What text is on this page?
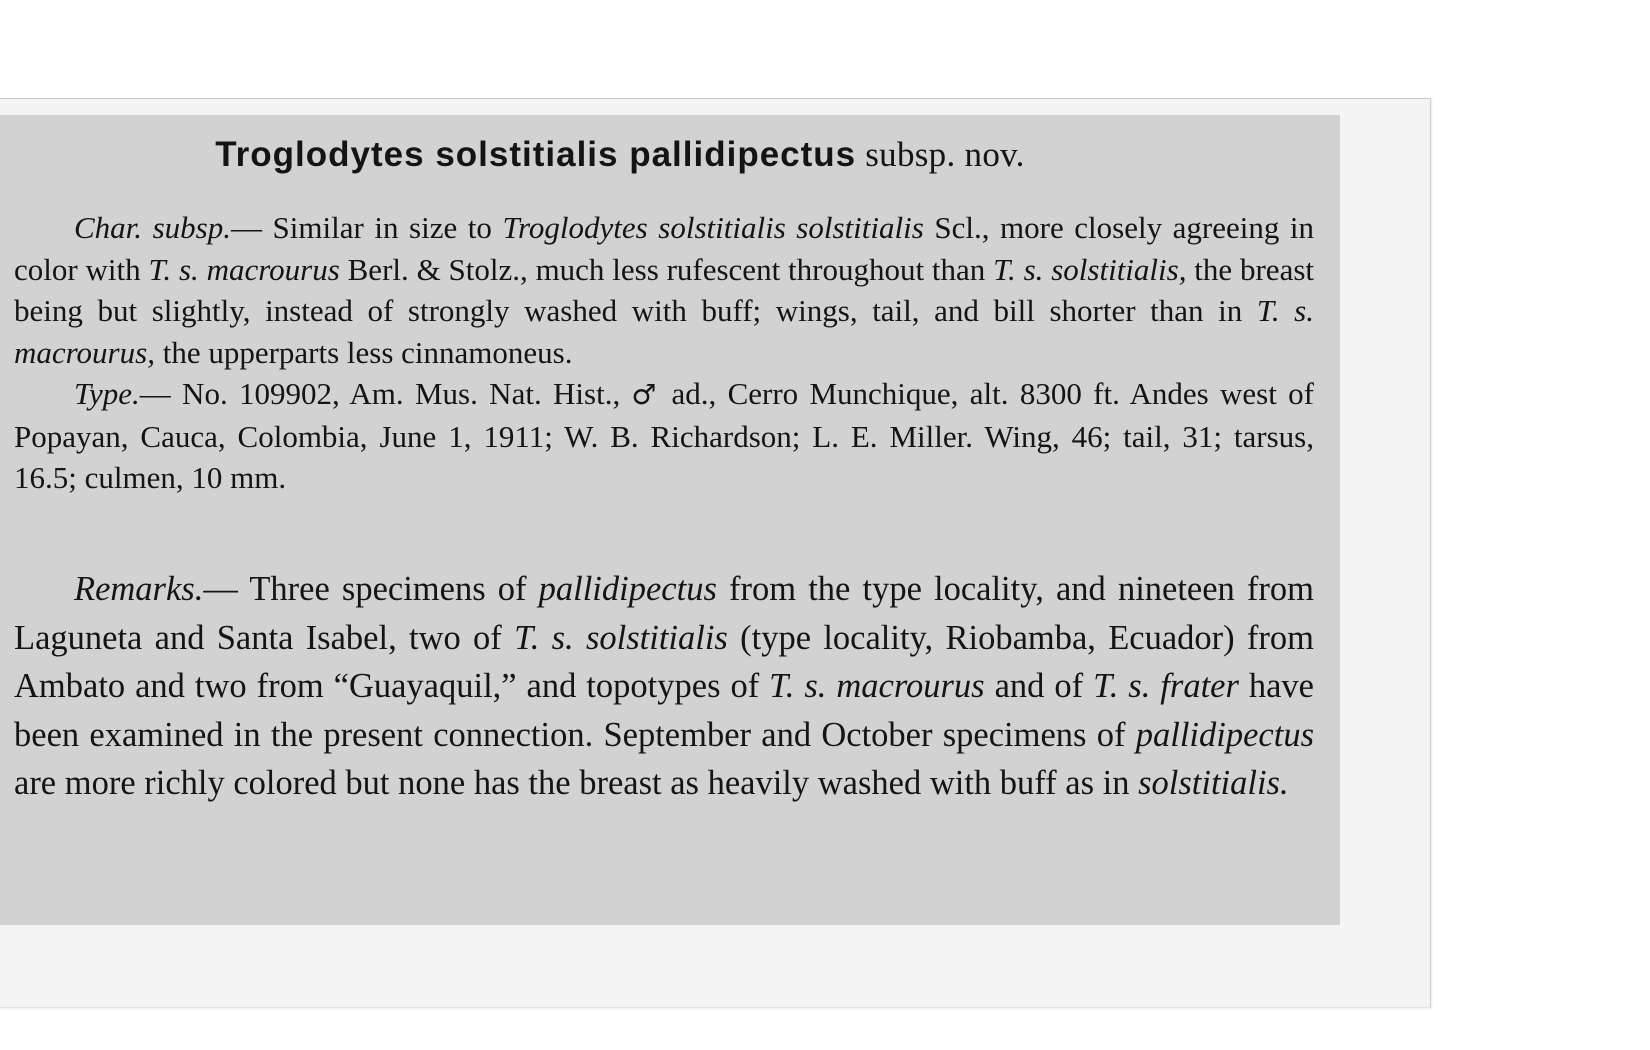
Troglodytes solstitialis pallidipectus subsp. nov.

Char. subsp.— Similar in size to Troglodytes solstitialis solstitialis Scl., more closely agreeing in color with T. s. macrourus Berl. & Stolz., much less rufescent throughout than T. s. solstitialis, the breast being but slightly, instead of strongly washed with buff; wings, tail, and bill shorter than in T. s. macrourus, the upperparts less cinnamoneus.

Type.— No. 109902, Am. Mus. Nat. Hist., ♂ ad., Cerro Munchique, alt. 8300 ft. Andes west of Popayan, Cauca, Colombia, June 1, 1911; W. B. Richardson; L. E. Miller. Wing, 46; tail, 31; tarsus, 16.5; culmen, 10 mm.

Remarks.— Three specimens of pallidipectus from the type locality, and nineteen from Laguneta and Santa Isabel, two of T. s. solstitialis (type locality, Riobamba, Ecuador) from Ambato and two from “Guayaquil,” and topotypes of T. s. macrourus and of T. s. frater have been examined in the present connection. September and October specimens of pallidipectus are more richly colored but none has the breast as heavily washed with buff as in solstitialis.
